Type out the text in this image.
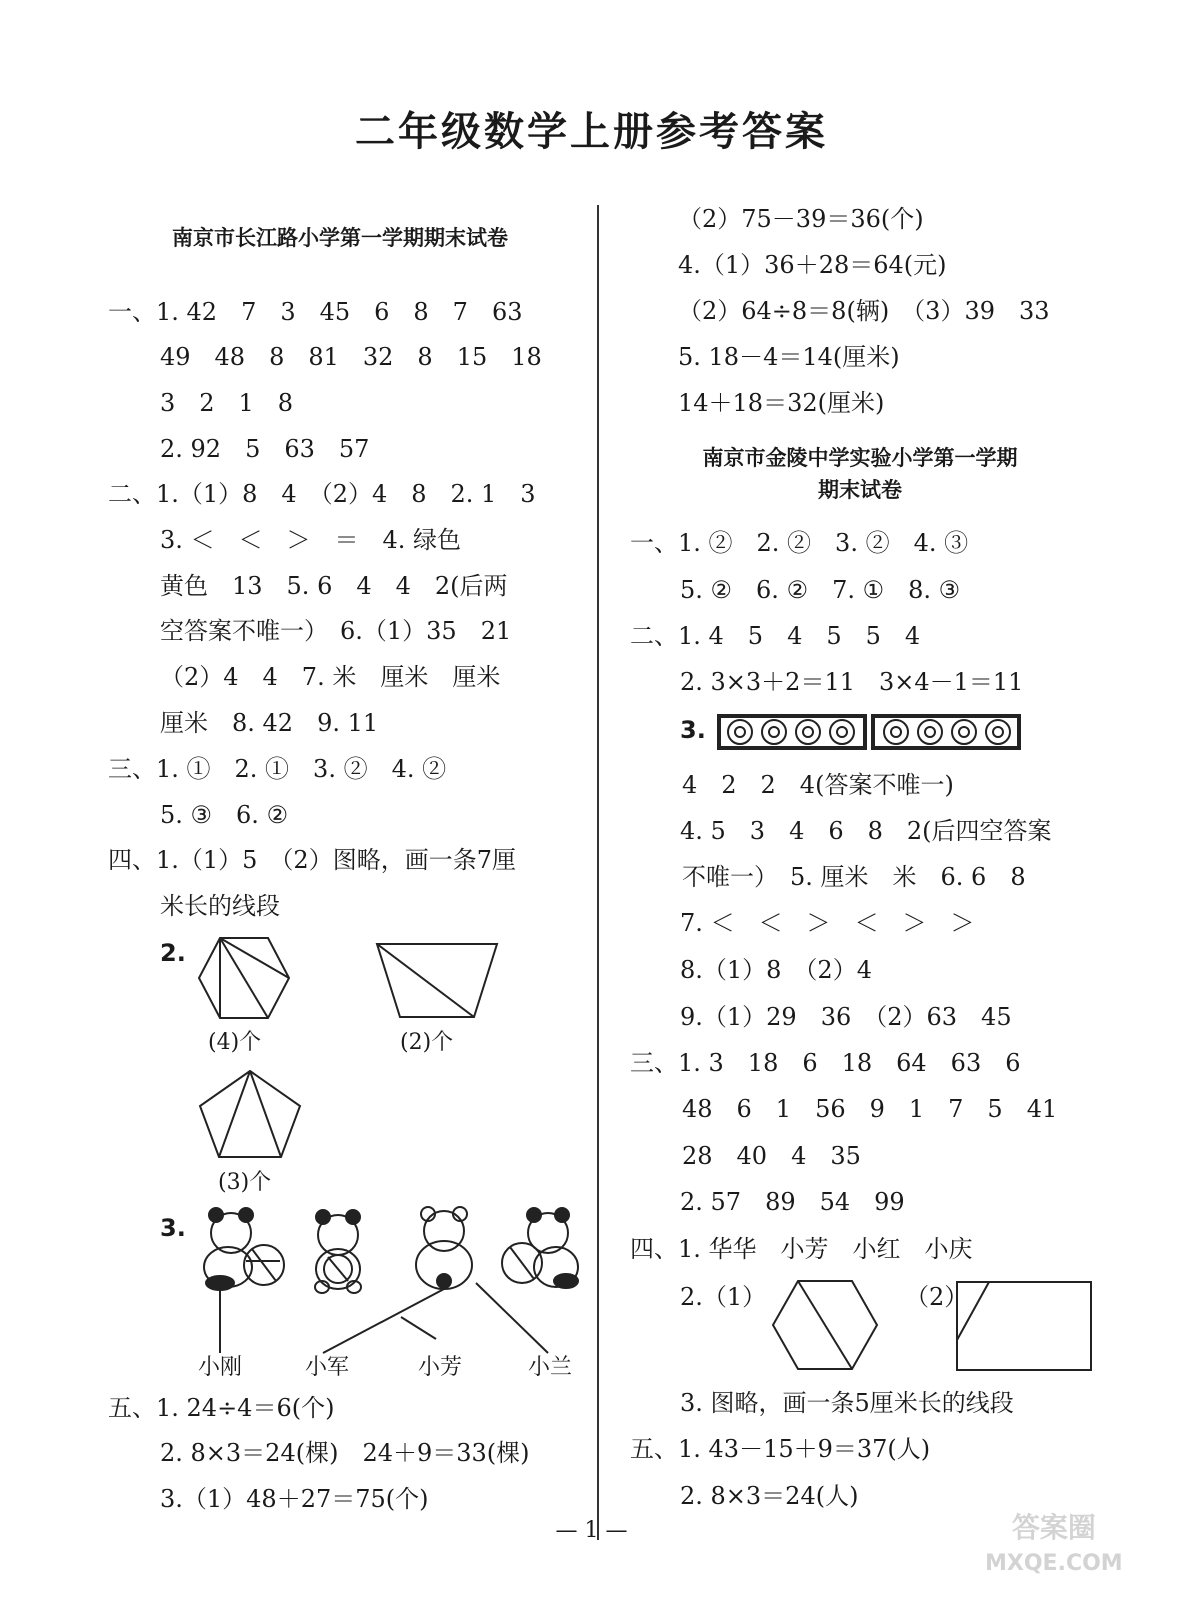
二年级数学上册参考答案
南京市长江路小学第一学期期末试卷
一、1. 42　7　3　45　6　8　7　63
49　48　8　81　32　8　15　18
3　2　1　8
2. 92　5　63　57
二、1.（1）8　4　（2）4　8　2. 1　3
3. ＜　＜　＞　＝　4. 绿色
黄色　13　5. 6　4　4　2(后两
空答案不唯一）　6.（1）35　21
（2）4　4　7. 米　厘米　厘米
厘米　8. 42　9. 11
三、1. ①　2. ①　3. ②　4. ②
5. ③　6. ②
四、1.（1）5　（2）图略，画一条7厘
米长的线段
2.
(4)个	(2)个
(3)个
3.
小刚	小军	小芳	小兰
五、1. 24÷4＝6(个)
2. 8×3＝24(棵)　24＋9＝33(棵)
3.（1）48＋27＝75(个)
（2）75－39＝36(个)
4.（1）36＋28＝64(元)
（2）64÷8＝8(辆)　（3）39　33
5. 18－4＝14(厘米)
14＋18＝32(厘米)
南京市金陵中学实验小学第一学期
期末试卷
一、1. ②　2. ②　3. ②　4. ③
5. ②　6. ②　7. ①　8. ③
二、1. 4　5　4　5　5　4
2. 3×3＋2＝11　3×4－1＝11
3.
4　2　2　4(答案不唯一)
4. 5　3　4　6　8　2(后四空答案
不唯一）　5. 厘米　米　6. 6　8
7. ＜　＜　＞　＜　＞　＞
8.（1）8　（2）4
9.（1）29　36　（2）63　45
三、1. 3　18　6　18　64　63　6
48　6　1　56　9　1　7　5　41
28　40　4　35
2. 57　89　54　99
四、1. 华华　小芳　小红　小庆
2.（1）	（2）
3. 图略，画一条5厘米长的线段
五、1. 43－15＋9＝37(人)
2. 8×3＝24(人)
— 1 —	答案圈
MXQE.COM
